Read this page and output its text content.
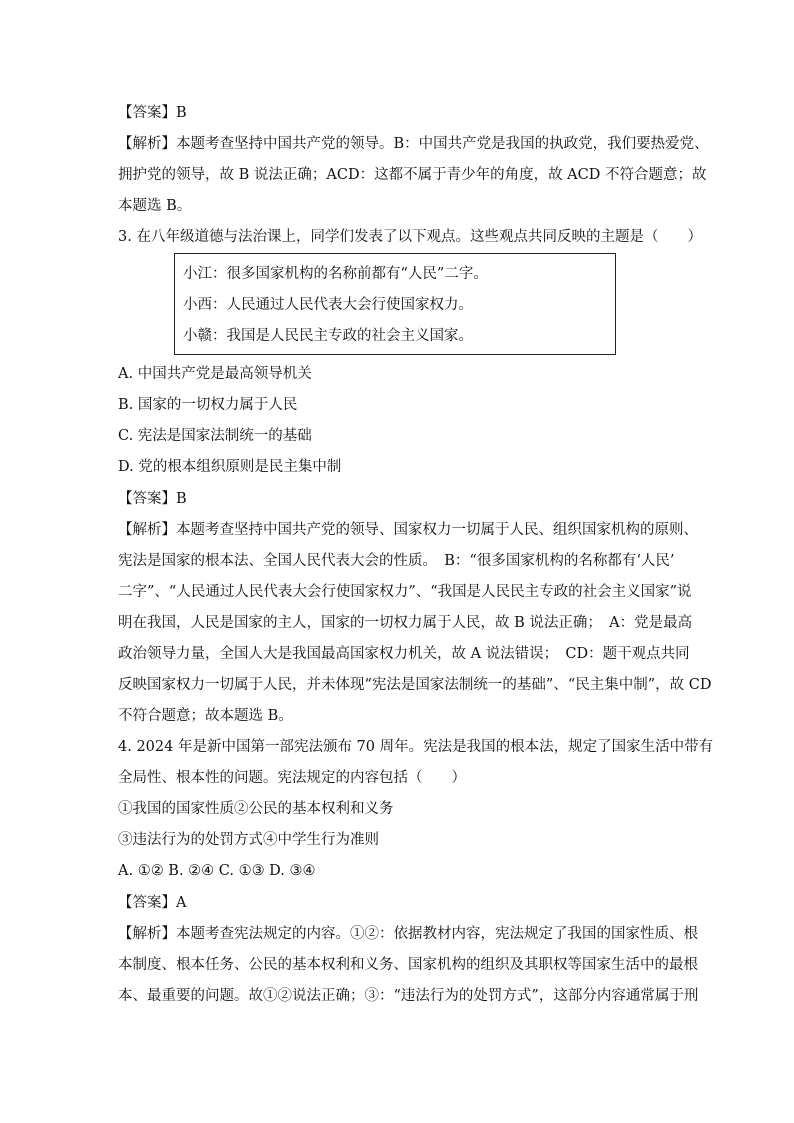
【答案】B
【解析】本题考查坚持中国共产党的领导。B：中国共产党是我国的执政党，我们要热爱党、
拥护党的领导，故 B 说法正确；ACD：这都不属于青少年的角度，故 ACD 不符合题意；故
本题选 B。
3. 在八年级道德与法治课上，同学们发表了以下观点。这些观点共同反映的主题是（　　）
小江：很多国家机构的名称前都有“人民”二字。
小西：人民通过人民代表大会行使国家权力。
小赣：我国是人民民主专政的社会主义国家。
A. 中国共产党是最高领导机关
B. 国家的一切权力属于人民
C. 宪法是国家法制统一的基础
D. 党的根本组织原则是民主集中制
【答案】B
【解析】本题考查坚持中国共产党的领导、国家权力一切属于人民、组织国家机构的原则、
宪法是国家的根本法、全国人民代表大会的性质。　B：“很多国家机构的名称都有‘人民’
二字”、“人民通过人民代表大会行使国家权力”、“我国是人民民主专政的社会主义国家”说
明在我国，人民是国家的主人，国家的一切权力属于人民，故 B 说法正确；　A：党是最高
政治领导力量，全国人大是我国最高国家权力机关，故 A 说法错误；　CD：题干观点共同
反映国家权力一切属于人民，并未体现“宪法是国家法制统一的基础”、“民主集中制”，故 CD
不符合题意；故本题选 B。
4. 2024 年是新中国第一部宪法颁布 70 周年。宪法是我国的根本法，规定了国家生活中带有
全局性、根本性的问题。宪法规定的内容包括（　　）
①我国的国家性质②公民的基本权利和义务
③违法行为的处罚方式④中学生行为准则
A. ①② B. ②④ C. ①③ D. ③④
【答案】A
【解析】本题考查宪法规定的内容。①②：依据教材内容，宪法规定了我国的国家性质、根
本制度、根本任务、公民的基本权利和义务、国家机构的组织及其职权等国家生活中的最根
本、最重要的问题。故①②说法正确；③：“违法行为的处罚方式”，这部分内容通常属于刑
